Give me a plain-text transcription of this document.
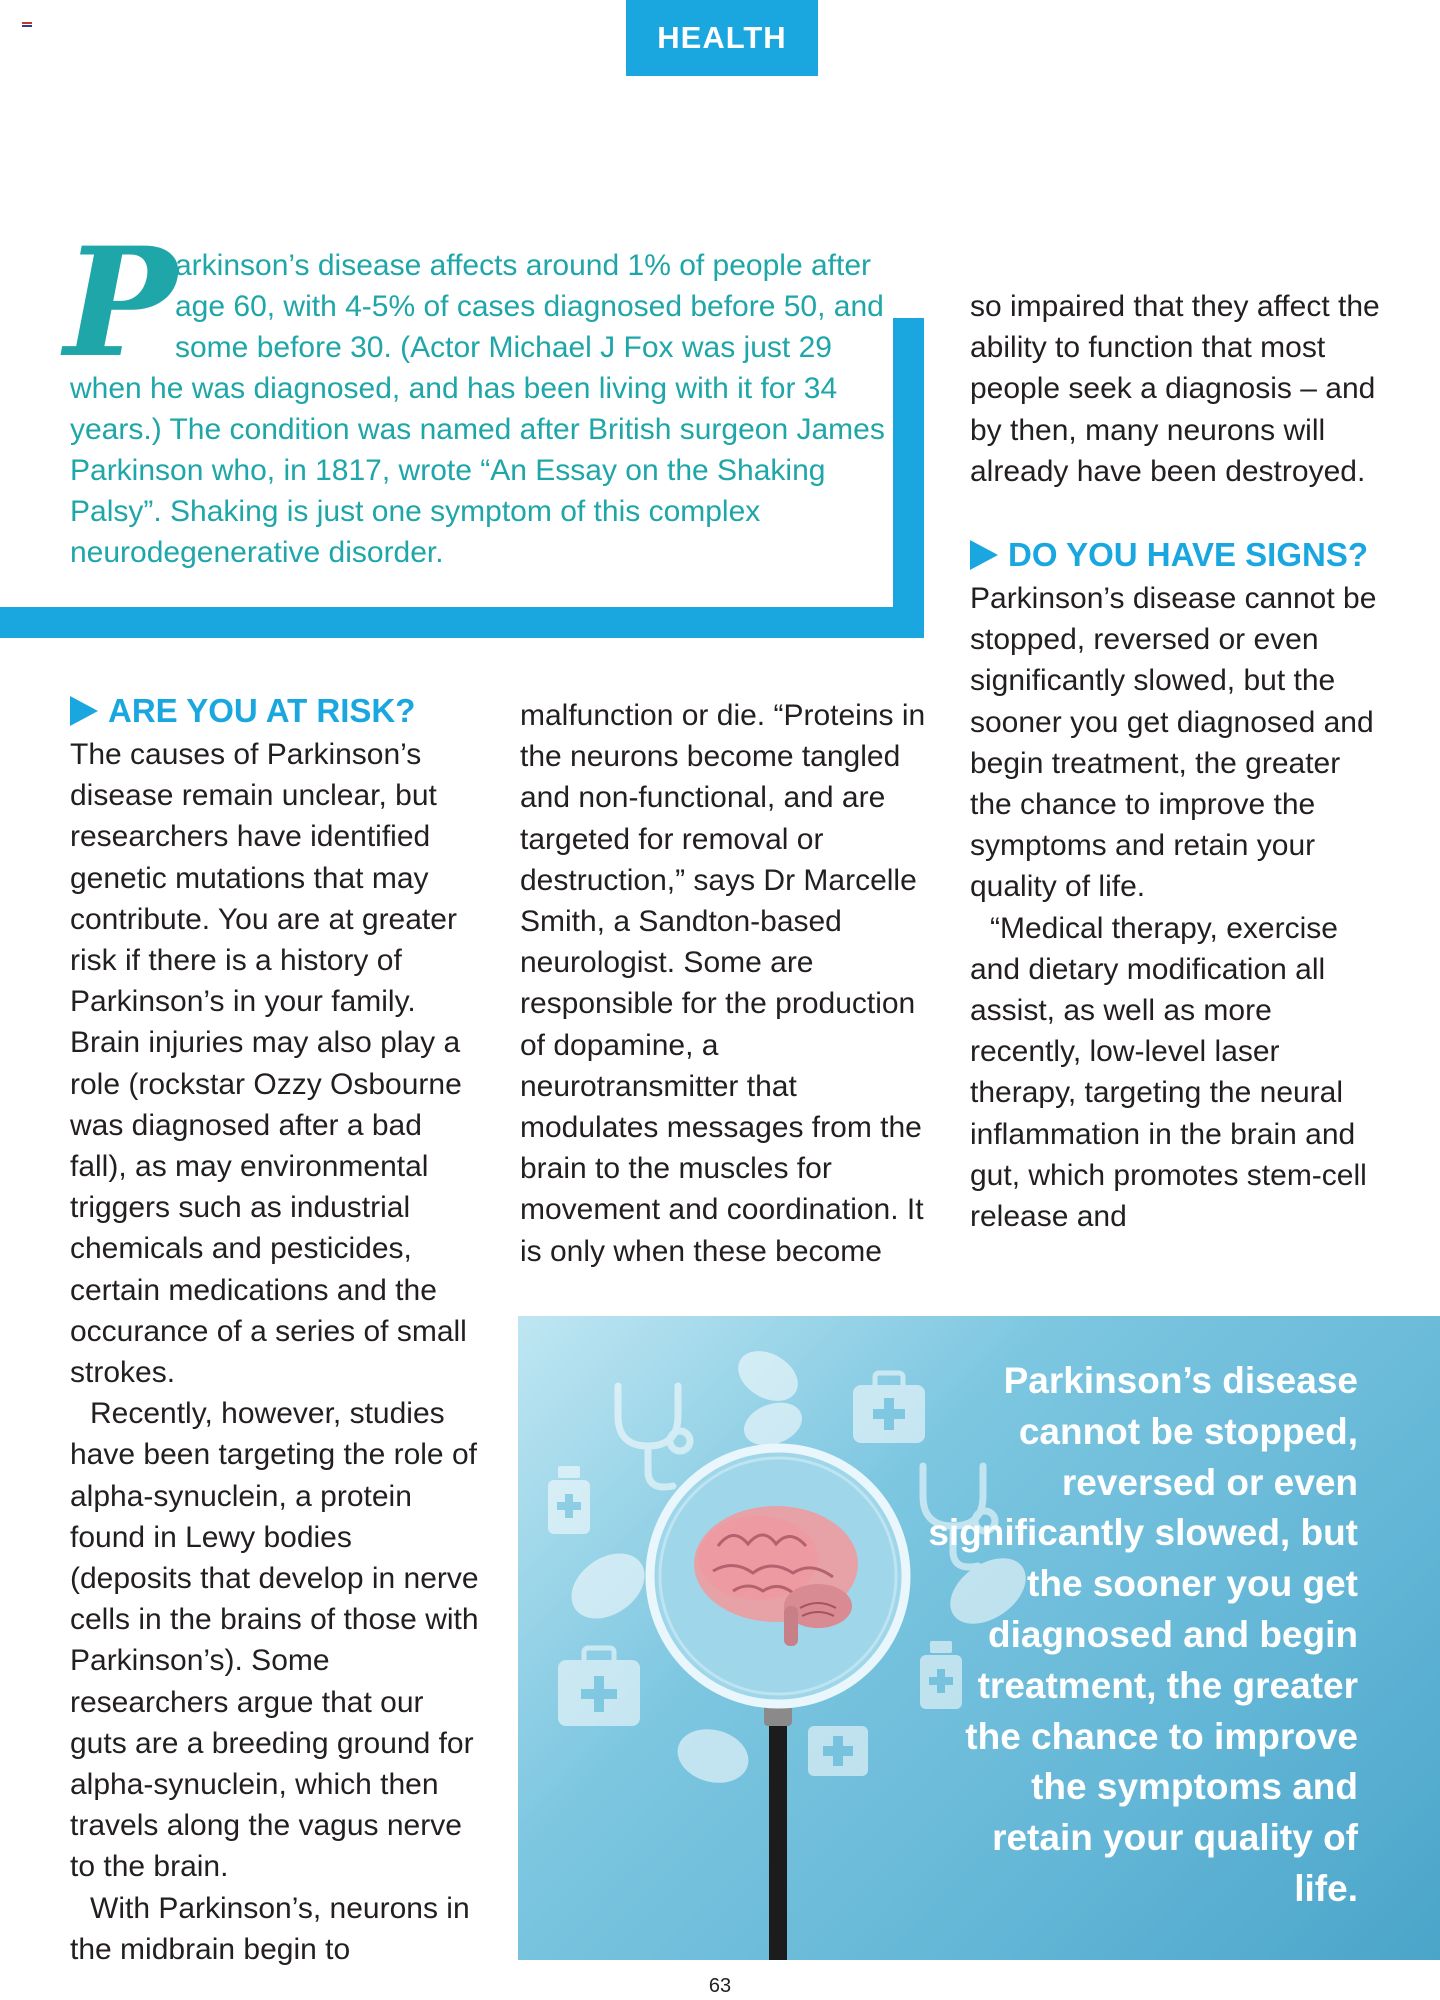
HEALTH
P

arkinson’s disease affects around 1% of people after age 60, with 4-5% of cases diagnosed before 50, and some before 30. (Actor Michael J Fox was just 29 when he was diagnosed, and has been living with it for 34 years.) The condition was named after British surgeon James Parkinson who, in 1817, wrote “An Essay on the Shaking Palsy”. Shaking is just one symptom of this complex neurodegenerative disorder.

ARE YOU AT RISK?

The causes of Parkinson’s disease remain unclear, but researchers have identified genetic mutations that may contribute. You are at greater risk if there is a history of Parkinson’s in your family. Brain injuries may also play a role (rockstar Ozzy Osbourne was diagnosed after a bad fall), as may environmental triggers such as industrial chemicals and pesticides, certain medications and the occurance of a series of small strokes.

Recently, however, studies have been targeting the role of alpha-synuclein, a protein found in Lewy bodies (deposits that develop in nerve cells in the brains of those with Parkinson’s). Some researchers argue that our guts are a breeding ground for alpha-synuclein, which then travels along the vagus nerve to the brain.

With Parkinson’s, neurons in the midbrain begin to

malfunction or die. “Proteins in the neurons become tangled and non-functional, and are targeted for removal or destruction,” says Dr Marcelle Smith, a Sandton-based neurologist. Some are responsible for the production of dopamine, a neurotransmitter that modulates messages from the brain to the muscles for movement and coordination. It is only when these become

so impaired that they affect the ability to function that most people seek a diagnosis – and by then, many neurons will already have been destroyed.

DO YOU HAVE SIGNS?

Parkinson’s disease cannot be stopped, reversed or even significantly slowed, but the sooner you get diagnosed and begin treatment, the greater the chance to improve the symptoms and retain your quality of life.

“Medical therapy, exercise and dietary modification all assist, as well as more recently, low-level laser therapy, targeting the neural inflammation in the brain and gut, which promotes stem-cell release and

Parkinson’s disease cannot be stopped, reversed or even significantly slowed, but the sooner you get diagnosed and begin treatment, the greater the chance to improve the symptoms and retain your quality of life.

63
